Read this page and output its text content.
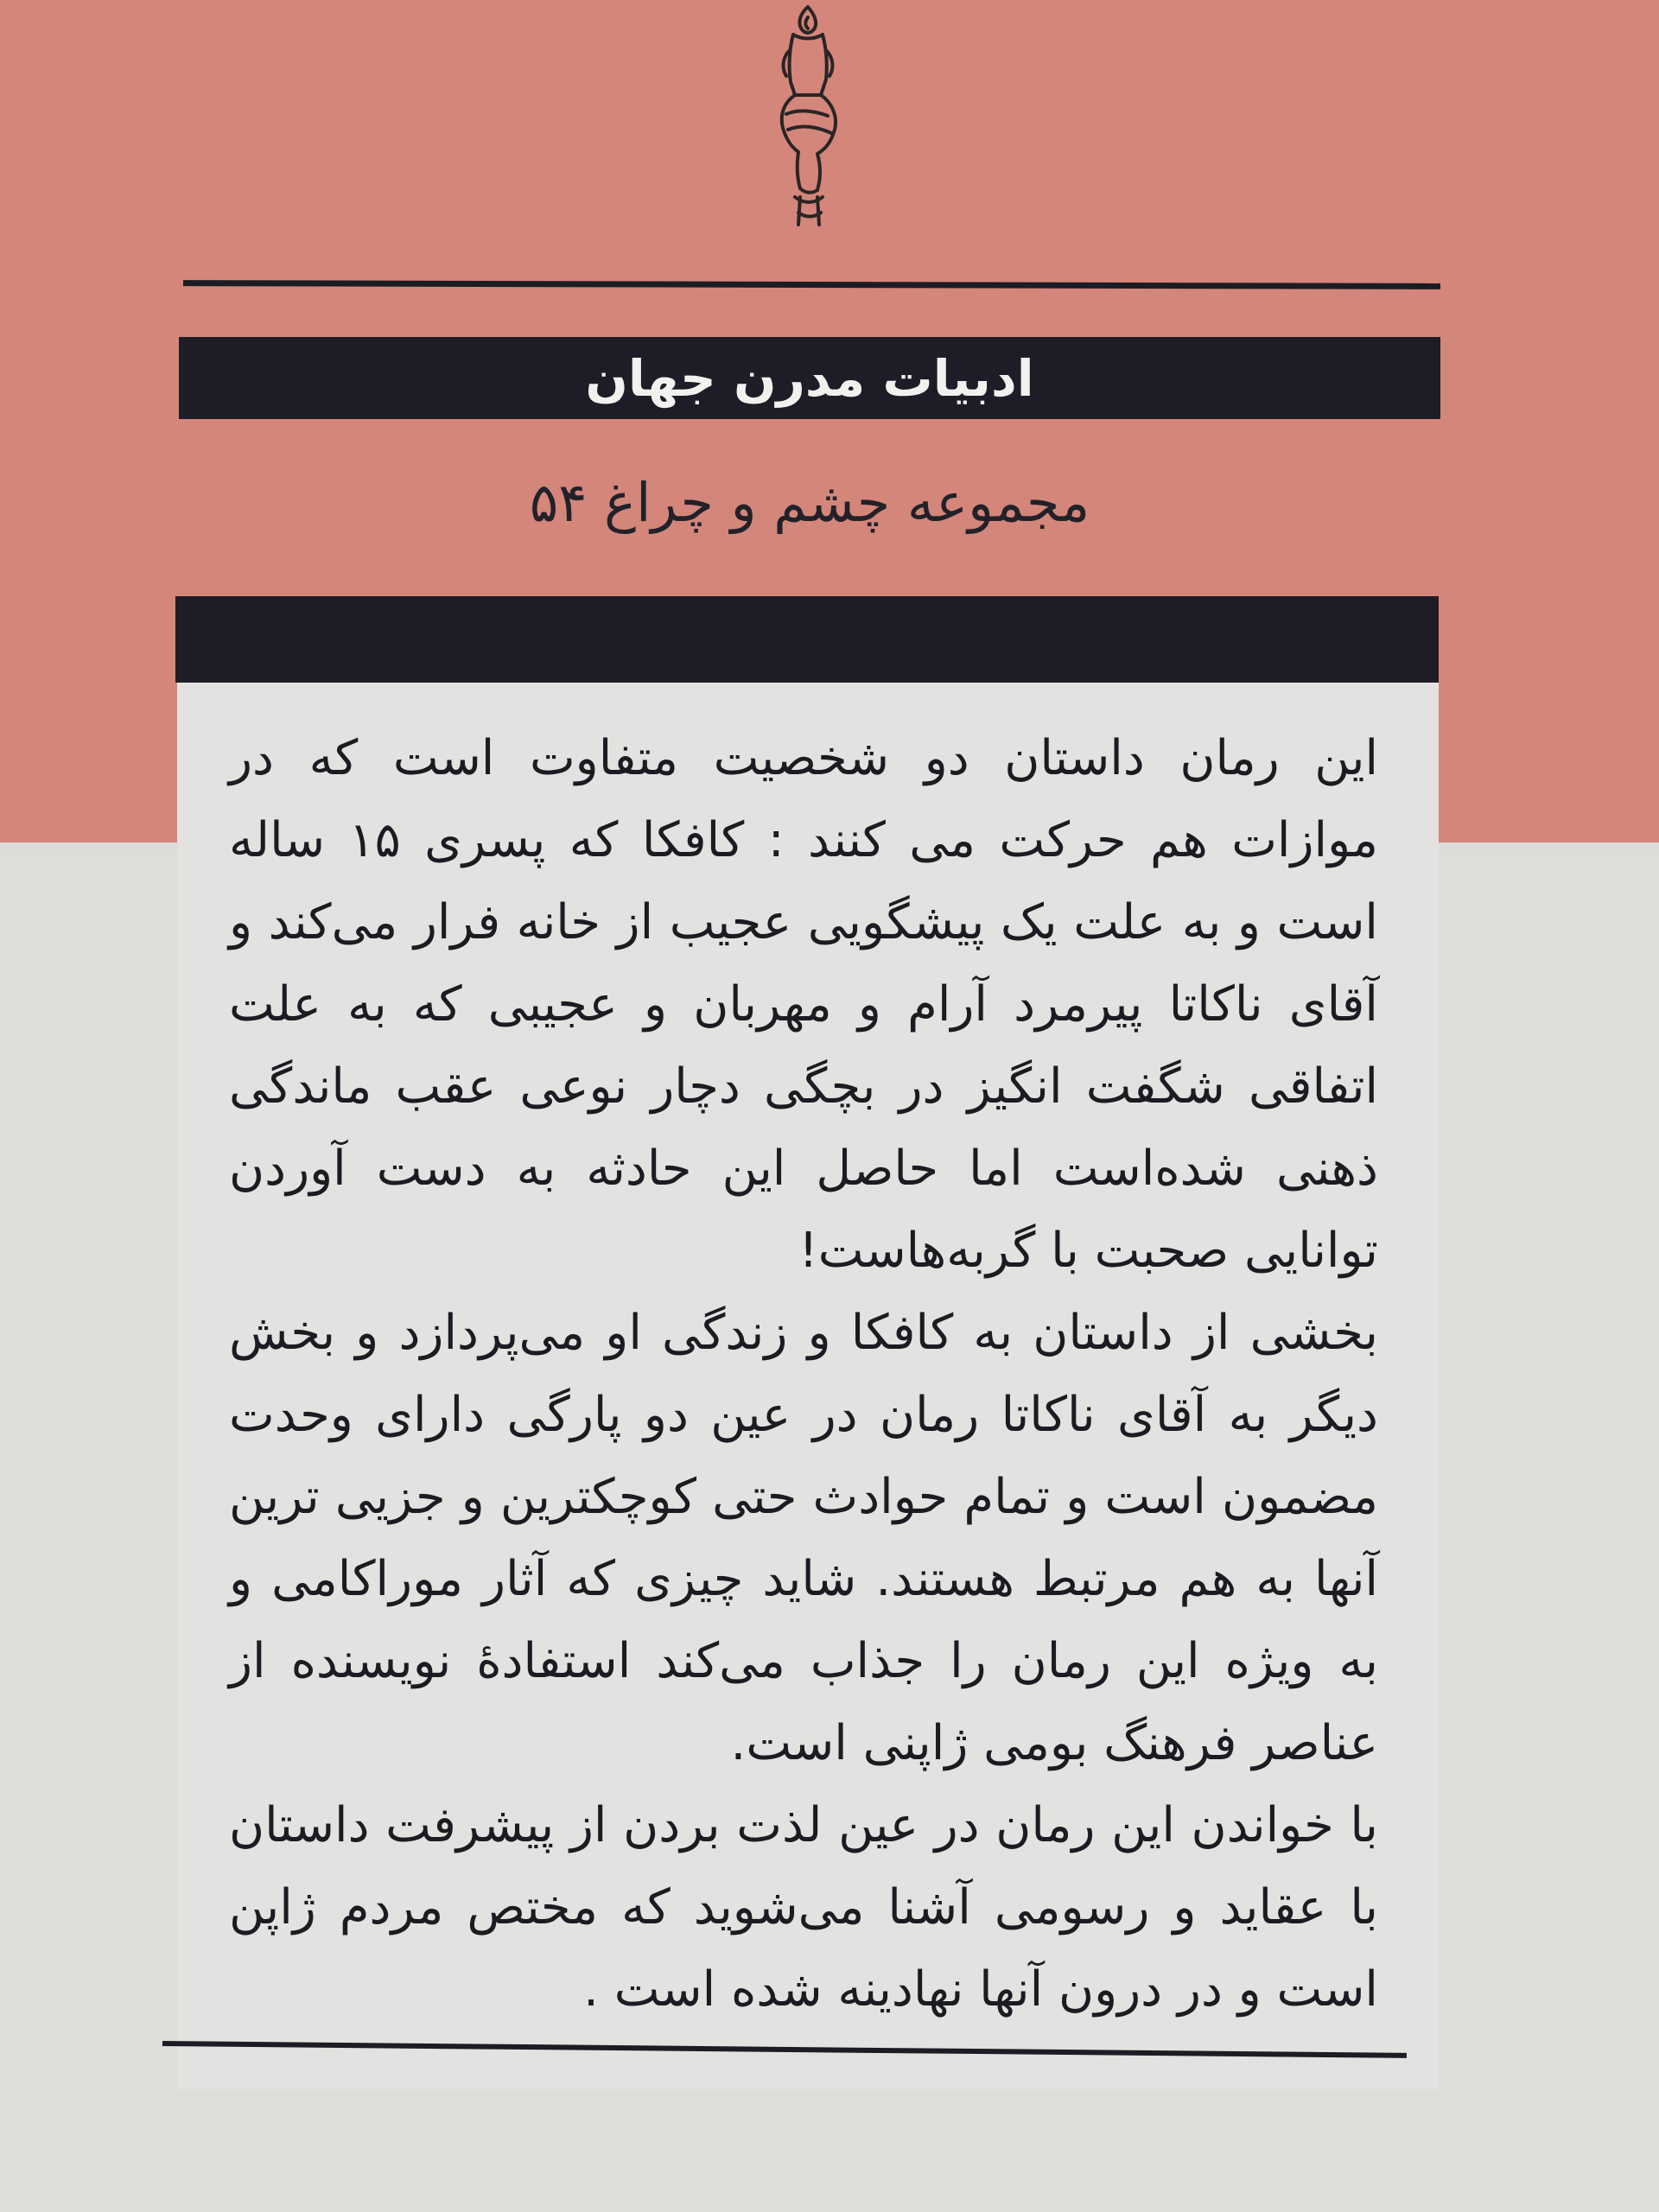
ادبیات مدرن جهان
مجموعه چشم و چراغ ۵۴

این رمان داستان دو شخصیت متفاوت است که در موازات هم حرکت می کنند : کافکا که پسری ۱۵ ساله است و به علت یک پیشگویی عجیب از خانه فرار می‌کند و آقای ناکاتا پیرمرد آرام و مهربان و عجیبی که به علت اتفاقی شگفت انگیز در بچگی دچار نوعی عقب ماندگی ذهنی شده‌است اما حاصل این حادثه به دست آوردن توانایی صحبت با گربه‌هاست!

بخشی از داستان به کافکا و زندگی او می‌پردازد و بخش دیگر به آقای ناکاتا رمان در عین دو پارگی دارای وحدت مضمون است و تمام حوادث حتی کوچکترین و جزیی ترین آنها به هم مرتبط هستند. شاید چیزی که آثار موراکامی و به ویژه این رمان را جذاب می‌کند استفادهٔ نویسنده از عناصر فرهنگ بومی ژاپنی است.

با خواندن این رمان در عین لذت بردن از پیشرفت داستان با عقاید و رسومی آشنا می‌شوید که مختص مردم ژاپن است و در درون آنها نهادینه شده است .
